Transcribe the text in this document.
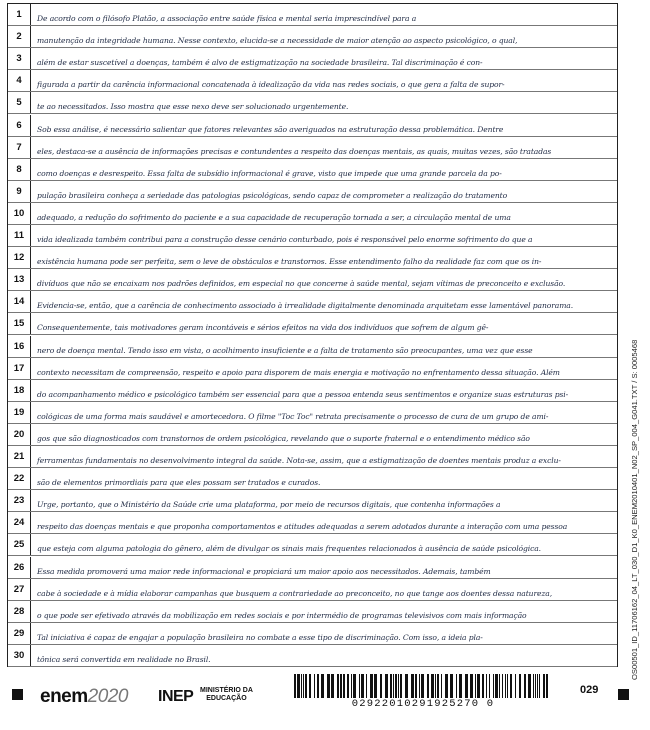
1	De acordo com o filósofo Platão, a associação entre saúde física e mental seria imprescindível para a
2	manutenção da integridade humana. Nesse contexto, elucida-se a necessidade de maior atenção ao aspecto psicológico, o qual,
3	além de estar suscetível a doenças, também é alvo de estigmatização na sociedade brasileira. Tal discriminação é con-
4	figurada a partir da carência informacional concatenada à idealização da vida nas redes sociais, o que gera a falta de supor-
5	te ao necessitados. Isso mostra que esse nexo deve ser solucionado urgentemente.
6	Sob essa análise, é necessário salientar que fatores relevantes são averiguados na estruturação dessa problemática. Dentre
7	eles, destaca-se a ausência de informações precisas e contundentes a respeito das doenças mentais, as quais, muitas vezes, são tratadas
8	como doenças e desrespeito. Essa falta de subsídio informacional é grave, visto que impede que uma grande parcela da po-
9	pulação brasileira conheça a seriedade das patologias psicológicas, sendo capaz de comprometer a realização do tratamento
10	adequado, a redução do sofrimento do paciente e a sua capacidade de recuperação tornada a ser, a circulação mental de uma
11	vida idealizada também contribui para a construção desse cenário conturbado, pois é responsável pelo enorme sofrimento do que a
12	existência humana pode ser perfeita, sem o leve de obstáculos e transtornos. Esse entendimento falho da realidade faz com que os in-
13	divíduos que não se encaixam nos padrões definidos, em especial no que concerne à saúde mental, sejam vítimas de preconceito e exclusão.
14	Evidencia-se, então, que a carência de conhecimento associado à irrealidade digitalmente denominada arquitetam esse lamentável panorama.
15	Consequentemente, tais motivadores geram incontáveis e sérios efeitos na vida dos indivíduos que sofrem de algum gê-
16	nero de doença mental. Tendo isso em vista, o acolhimento insuficiente e a falta de tratamento são preocupantes, uma vez que esse
17	contexto necessitam de compreensão, respeito e apoio para disporem de mais energia e motivação no enfrentamento dessa situação. Além
18	do acompanhamento médico e psicológico também ser essencial para que a pessoa entenda seus sentimentos e organize suas estruturas psi-
19	cológicas de uma forma mais saudável e amortecedora. O filme "Toc Toc" retrata precisamente o processo de cura de um grupo de ami-
20	gos que são diagnosticados com transtornos de ordem psicológica, revelando que o suporte fraternal e o entendimento médico são
21	ferramentas fundamentais no desenvolvimento integral da saúde. Nota-se, assim, que a estigmatização de doentes mentais produz a exclu-
22	são de elementos primordiais para que eles possam ser tratados e curados.
23	Urge, portanto, que o Ministério da Saúde crie uma plataforma, por meio de recursos digitais, que contenha informações a
24	respeito das doenças mentais e que proponha comportamentos e atitudes adequadas a serem adotados durante a interação com uma pessoa
25	que esteja com alguma patologia do gênero, além de divulgar os sinais mais frequentes relacionados à ausência de saúde psicológica.
26	Essa medida promoverá uma maior rede informacional e propiciará um maior apoio aos necessitados. Ademais, também
27	cabe à sociedade e à mídia elaborar campanhas que busquem a contrariedade ao preconceito, no que tange aos doentes dessa natureza,
28	o que pode ser efetivado através da mobilização em redes sociais e por intermédio de programas televisivos com mais informação
29	Tal iniciativa é capaz de engajar a população brasileira no combate a esse tipo de discriminação. Com isso, a ideia pla-
30	tônica será convertida em realidade no Brasil.	OS00501_ID_11706162_04_LT_030_D1_K0_ENEM2010401_N02_SP_004_G041.TXT / S: 0005468
enem2020 INEP MINISTÉRIO DA
EDUCAÇÃO	02922010291925270 0
029
